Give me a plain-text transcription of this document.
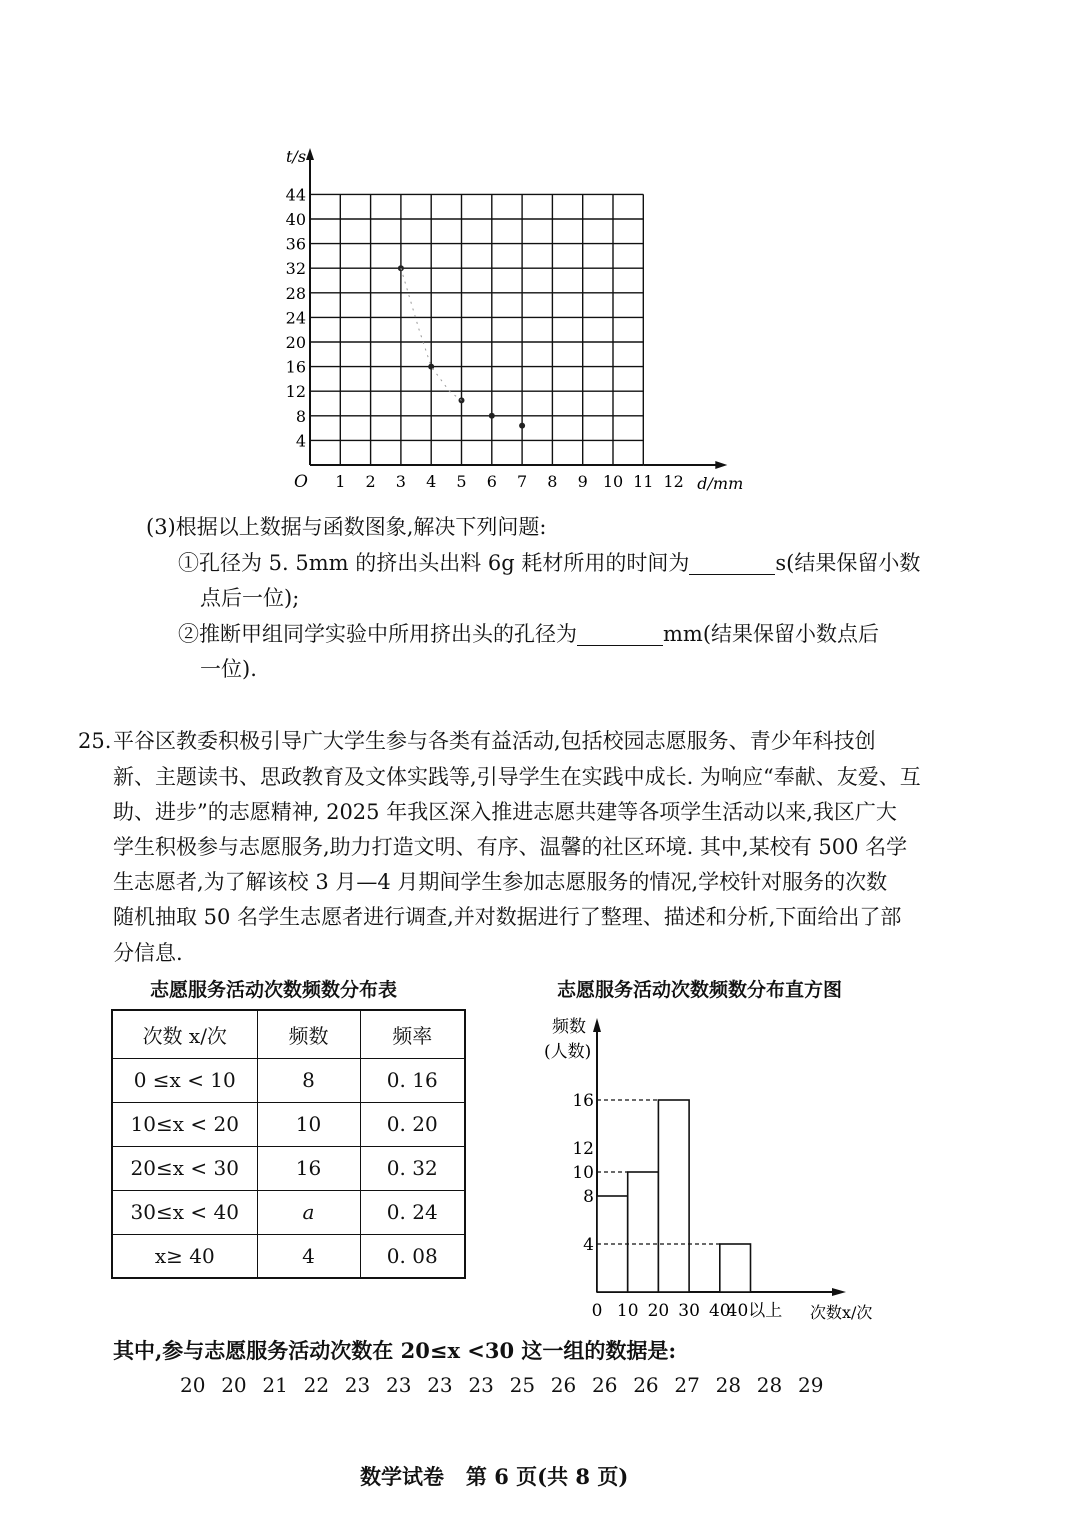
1 2 3 4 5 6 7 8 9 10 11 12
4
8
12
16
20
24
28
32
36
40
44
O
t/s
d/mm
(3)根据以上数据与函数图象,解决下列问题:
①孔径为 5. 5mm 的挤出头出料 6g 耗材所用的时间为	s(结果保留小数
点后一位);
②推断甲组同学实验中所用挤出头的孔径为	mm(结果保留小数点后
一位).
25. 平谷区教委积极引导广大学生参与各类有益活动,包括校园志愿服务、青少年科技创
新、主题读书、思政教育及文体实践等,引导学生在实践中成长. 为响应“奉献、友爱、互
助、进步”的志愿精神, 2025 年我区深入推进志愿共建等各项学生活动以来,我区广大
学生积极参与志愿服务,助力打造文明、有序、温馨的社区环境. 其中,某校有 500 名学
生志愿者,为了解该校 3 月—4 月期间学生参加志愿服务的情况,学校针对服务的次数
随机抽取 50 名学生志愿者进行调查,并对数据进行了整理、描述和分析,下面给出了部
分信息.
志愿服务活动次数频数分布表
次数 x/次	频数	频率
0 ≤x < 10	8	0. 16
10≤x < 20	10	0. 20
20≤x < 30	16	0. 32
30≤x < 40	a	0. 24
x≥ 40	4	0. 08
志愿服务活动次数频数分布直方图
4
8
10
12
16
0 10 20 30 40
40以上 次数x/次
频数
(人数)
其中,参与志愿服务活动次数在 20≤x <30 这一组的数据是:
20 20 21 22 23 23 23 23 25 26 26 26 27 28 28 29
数学试卷   第 6 页(共 8 页)
